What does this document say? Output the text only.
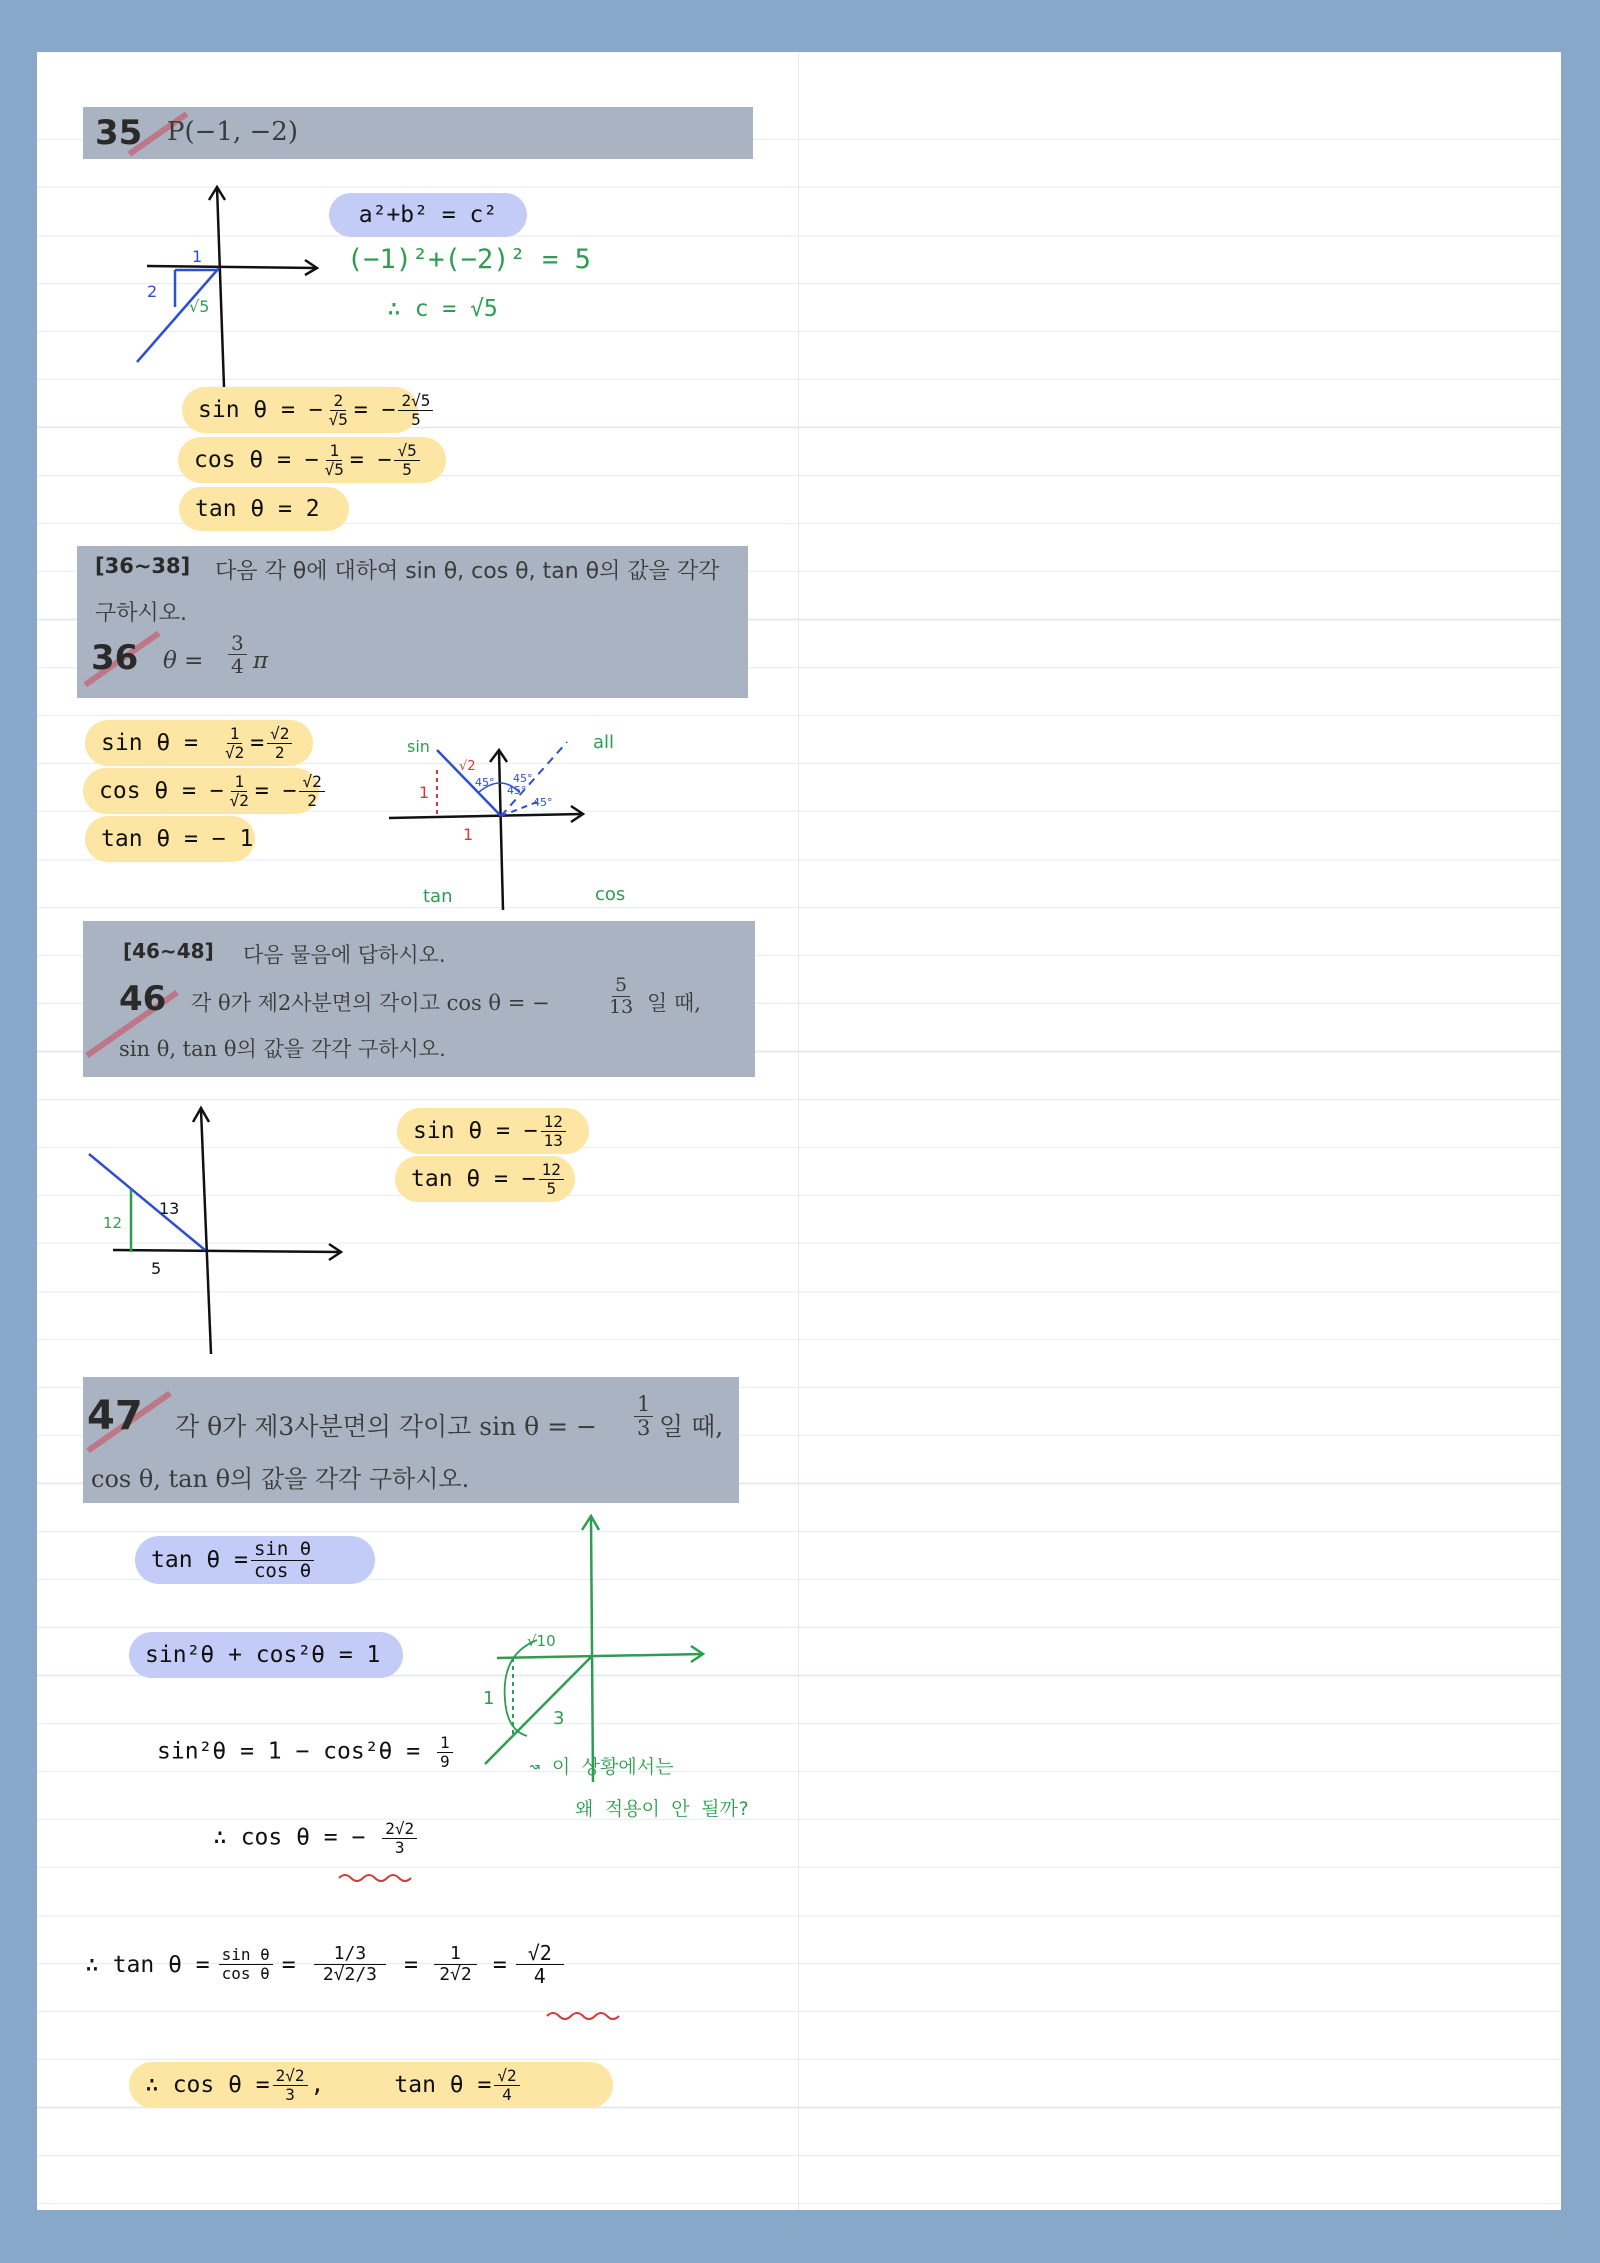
35 P(−1, −2)
1
2
√5
a²+b² = c²
(−1)²+(−2)² = 5
∴ c = √5
sin θ = − $\frac{2}{√5}$ = − $\frac{2√5}{5}$
cos θ = − $\frac{1}{√5}$ = − $\frac{√5}{5}$
tan θ = 2
[36∼38] 다음 각 θ에 대하여 sin θ, cos θ, tan θ의 값을 각각
구하시오.
36 $\theta = \frac{3}{4}$ π
$\sin \theta = \frac{1}{√2} = \frac{√2}{2}$
cos θ = − $\frac{1}{√2}$ = − $\frac{√2}{2}$
tan θ = − 1
sin	all
tan	cos
1
1
√2
45° 45°
45°
45°
[46∼48] 다음 물음에 답하시오.
46 각 θ가 제2사분면의 각이고 cos θ = −	$\frac{5}{13}$ 일 때,
sin θ, tan θ의 값을 각각 구하시오.
12
13
5
sin θ = − $\frac{12}{13}$
tan θ = − $\frac{12}{5}$
47 각 θ가 제3사분면의 각이고 sin θ = − $\frac{1}{3}$ 일 때,
cos θ, tan θ의 값을 각각 구하시오.
$\tan \theta = \frac{\text{sin θ}}{\text{cos θ}}$
sin²θ + cos²θ = 1
√10
1
3
$\sin^2\theta = 1 - \cos^2\theta = \frac{1}{9}$	↝ 이 상황에서는
왜 적용이 안 될까?
∴ cos θ = − $\frac{2√2}{3}$
∴ $\tan \theta = \frac{\text{sin θ}}{\text{cos θ}} = \frac{1/3}{2√2/3} = \frac{1}{2√2} = \frac{√2}{4}$
∴ $\cos \theta = \frac{2√2}{3}$ ,	$\tan \theta = \frac{√2}{4}$
